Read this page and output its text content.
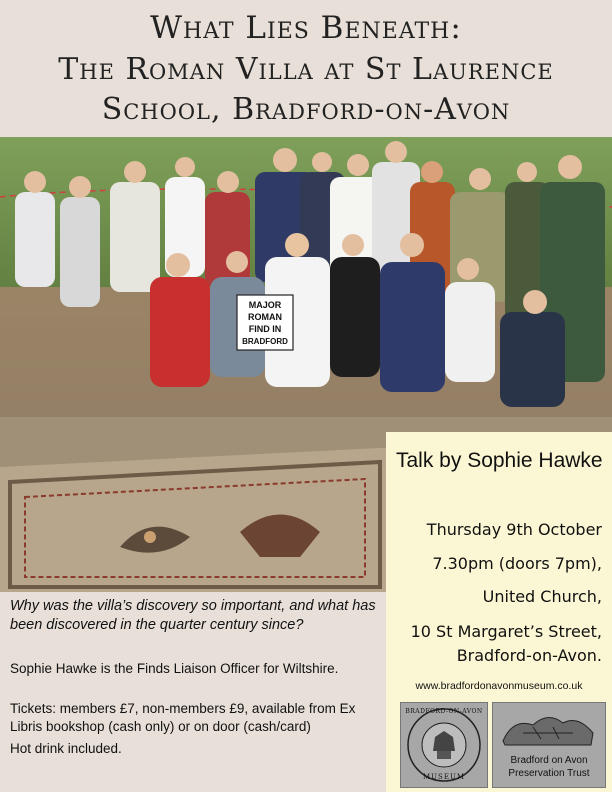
What Lies Beneath:
The Roman Villa at St Laurence
School, Bradford-on-Avon
MAJOR
ROMAN
FIND IN
BRADFORD
Talk by Sophie Hawke
Thursday 9th October
7.30pm (doors 7pm),
United Church,
10 St Margaret’s Street,
Bradford-on-Avon.
www.bradfordonavonmuseum.co.uk
BRADFORD-ON-AVON
MUSEUM
Bradford on Avon
Preservation Trust
Why was the villa’s discovery so important, and what has been discovered in the quarter century since?
Sophie Hawke is the Finds Liaison Officer for Wiltshire.
Tickets: members £7, non-members £9, available from Ex Libris bookshop (cash only) or on door (cash/card)
Hot drink included.
